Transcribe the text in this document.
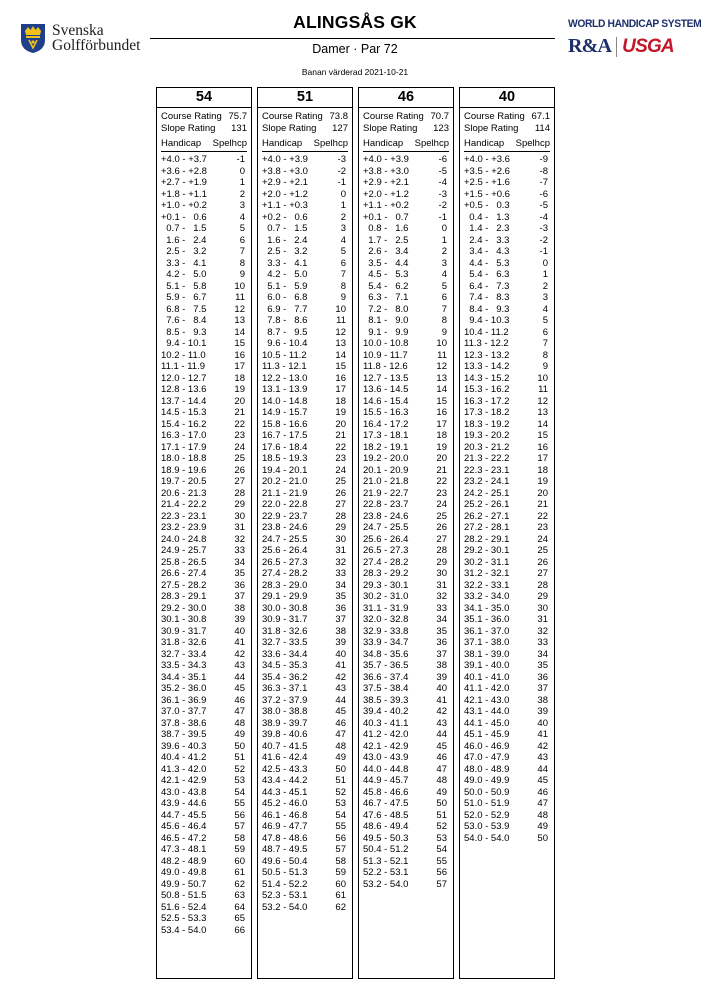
Svenska
Golfförbundet
ALINGSÅS GK
Damer · Par 72
Banan värderad 2021-10-21
WORLD HANDICAP SYSTEM
R&A USGA
54
Course Rating 75.7
Slope Rating 131
Handicap Spelhcp
+4.0 - +3.7	-1
+3.6 - +2.8	0
+2.7 - +1.9	1
+1.8 - +1.1	2
+1.0 - +0.2	3
+0.1 -   0.6	4
0.7 -   1.5	5
1.6 -   2.4	6
2.5 -   3.2	7
3.3 -   4.1	8
4.2 -   5.0	9
5.1 -   5.8	10
5.9 -   6.7	11
6.8 -   7.5	12
7.6 -   8.4	13
8.5 -   9.3	14
9.4 - 10.1	15
10.2 - 11.0	16
11.1 - 11.9	17
12.0 - 12.7	18
12.8 - 13.6	19
13.7 - 14.4	20
14.5 - 15.3	21
15.4 - 16.2	22
16.3 - 17.0	23
17.1 - 17.9	24
18.0 - 18.8	25
18.9 - 19.6	26
19.7 - 20.5	27
20.6 - 21.3	28
21.4 - 22.2	29
22.3 - 23.1	30
23.2 - 23.9	31
24.0 - 24.8	32
24.9 - 25.7	33
25.8 - 26.5	34
26.6 - 27.4	35
27.5 - 28.2	36
28.3 - 29.1	37
29.2 - 30.0	38
30.1 - 30.8	39
30.9 - 31.7	40
31.8 - 32.6	41
32.7 - 33.4	42
33.5 - 34.3	43
34.4 - 35.1	44
35.2 - 36.0	45
36.1 - 36.9	46
37.0 - 37.7	47
37.8 - 38.6	48
38.7 - 39.5	49
39.6 - 40.3	50
40.4 - 41.2	51
41.3 - 42.0	52
42.1 - 42.9	53
43.0 - 43.8	54
43.9 - 44.6	55
44.7 - 45.5	56
45.6 - 46.4	57
46.5 - 47.2	58
47.3 - 48.1	59
48.2 - 48.9	60
49.0 - 49.8	61
49.9 - 50.7	62
50.8 - 51.5	63
51.6 - 52.4	64
52.5 - 53.3	65
53.4 - 54.0	66
51
Course Rating 73.8
Slope Rating 127
Handicap Spelhcp
+4.0 - +3.9	-3
+3.8 - +3.0	-2
+2.9 - +2.1	-1
+2.0 - +1.2	0
+1.1 - +0.3	1
+0.2 -   0.6	2
0.7 -   1.5	3
1.6 -   2.4	4
2.5 -   3.2	5
3.3 -   4.1	6
4.2 -   5.0	7
5.1 -   5.9	8
6.0 -   6.8	9
6.9 -   7.7	10
7.8 -   8.6	11
8.7 -   9.5	12
9.6 - 10.4	13
10.5 - 11.2	14
11.3 - 12.1	15
12.2 - 13.0	16
13.1 - 13.9	17
14.0 - 14.8	18
14.9 - 15.7	19
15.8 - 16.6	20
16.7 - 17.5	21
17.6 - 18.4	22
18.5 - 19.3	23
19.4 - 20.1	24
20.2 - 21.0	25
21.1 - 21.9	26
22.0 - 22.8	27
22.9 - 23.7	28
23.8 - 24.6	29
24.7 - 25.5	30
25.6 - 26.4	31
26.5 - 27.3	32
27.4 - 28.2	33
28.3 - 29.0	34
29.1 - 29.9	35
30.0 - 30.8	36
30.9 - 31.7	37
31.8 - 32.6	38
32.7 - 33.5	39
33.6 - 34.4	40
34.5 - 35.3	41
35.4 - 36.2	42
36.3 - 37.1	43
37.2 - 37.9	44
38.0 - 38.8	45
38.9 - 39.7	46
39.8 - 40.6	47
40.7 - 41.5	48
41.6 - 42.4	49
42.5 - 43.3	50
43.4 - 44.2	51
44.3 - 45.1	52
45.2 - 46.0	53
46.1 - 46.8	54
46.9 - 47.7	55
47.8 - 48.6	56
48.7 - 49.5	57
49.6 - 50.4	58
50.5 - 51.3	59
51.4 - 52.2	60
52.3 - 53.1	61
53.2 - 54.0	62
46
Course Rating 70.7
Slope Rating 123
Handicap Spelhcp
+4.0 - +3.9	-6
+3.8 - +3.0	-5
+2.9 - +2.1	-4
+2.0 - +1.2	-3
+1.1 - +0.2	-2
+0.1 -   0.7	-1
0.8 -   1.6	0
1.7 -   2.5	1
2.6 -   3.4	2
3.5 -   4.4	3
4.5 -   5.3	4
5.4 -   6.2	5
6.3 -   7.1	6
7.2 -   8.0	7
8.1 -   9.0	8
9.1 -   9.9	9
10.0 - 10.8	10
10.9 - 11.7	11
11.8 - 12.6	12
12.7 - 13.5	13
13.6 - 14.5	14
14.6 - 15.4	15
15.5 - 16.3	16
16.4 - 17.2	17
17.3 - 18.1	18
18.2 - 19.1	19
19.2 - 20.0	20
20.1 - 20.9	21
21.0 - 21.8	22
21.9 - 22.7	23
22.8 - 23.7	24
23.8 - 24.6	25
24.7 - 25.5	26
25.6 - 26.4	27
26.5 - 27.3	28
27.4 - 28.2	29
28.3 - 29.2	30
29.3 - 30.1	31
30.2 - 31.0	32
31.1 - 31.9	33
32.0 - 32.8	34
32.9 - 33.8	35
33.9 - 34.7	36
34.8 - 35.6	37
35.7 - 36.5	38
36.6 - 37.4	39
37.5 - 38.4	40
38.5 - 39.3	41
39.4 - 40.2	42
40.3 - 41.1	43
41.2 - 42.0	44
42.1 - 42.9	45
43.0 - 43.9	46
44.0 - 44.8	47
44.9 - 45.7	48
45.8 - 46.6	49
46.7 - 47.5	50
47.6 - 48.5	51
48.6 - 49.4	52
49.5 - 50.3	53
50.4 - 51.2	54
51.3 - 52.1	55
52.2 - 53.1	56
53.2 - 54.0	57
40
Course Rating 67.1
Slope Rating 114
Handicap Spelhcp
+4.0 - +3.6	-9
+3.5 - +2.6	-8
+2.5 - +1.6	-7
+1.5 - +0.6	-6
+0.5 -   0.3	-5
0.4 -   1.3	-4
1.4 -   2.3	-3
2.4 -   3.3	-2
3.4 -   4.3	-1
4.4 -   5.3	0
5.4 -   6.3	1
6.4 -   7.3	2
7.4 -   8.3	3
8.4 -   9.3	4
9.4 - 10.3	5
10.4 - 11.2	6
11.3 - 12.2	7
12.3 - 13.2	8
13.3 - 14.2	9
14.3 - 15.2	10
15.3 - 16.2	11
16.3 - 17.2	12
17.3 - 18.2	13
18.3 - 19.2	14
19.3 - 20.2	15
20.3 - 21.2	16
21.3 - 22.2	17
22.3 - 23.1	18
23.2 - 24.1	19
24.2 - 25.1	20
25.2 - 26.1	21
26.2 - 27.1	22
27.2 - 28.1	23
28.2 - 29.1	24
29.2 - 30.1	25
30.2 - 31.1	26
31.2 - 32.1	27
32.2 - 33.1	28
33.2 - 34.0	29
34.1 - 35.0	30
35.1 - 36.0	31
36.1 - 37.0	32
37.1 - 38.0	33
38.1 - 39.0	34
39.1 - 40.0	35
40.1 - 41.0	36
41.1 - 42.0	37
42.1 - 43.0	38
43.1 - 44.0	39
44.1 - 45.0	40
45.1 - 45.9	41
46.0 - 46.9	42
47.0 - 47.9	43
48.0 - 48.9	44
49.0 - 49.9	45
50.0 - 50.9	46
51.0 - 51.9	47
52.0 - 52.9	48
53.0 - 53.9	49
54.0 - 54.0	50
